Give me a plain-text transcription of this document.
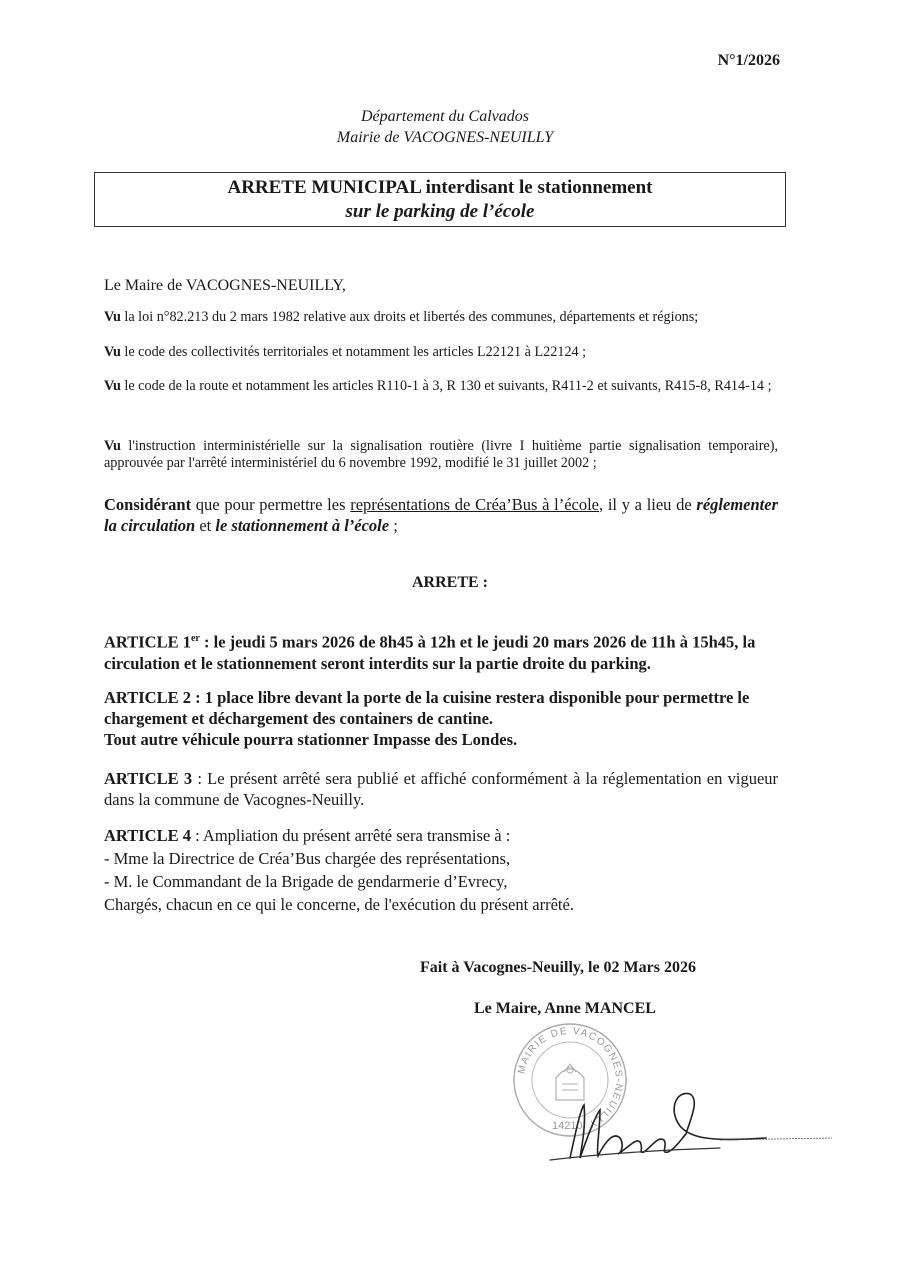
N°1/2026
Département du Calvados
Mairie de VACOGNES-NEUILLY
ARRETE MUNICIPAL interdisant le stationnement
sur le parking de l’école
Le Maire de VACOGNES-NEUILLY,
Vu la loi n°82.213 du 2 mars 1982 relative aux droits et libertés des communes, départements et régions;
Vu le code des collectivités territoriales et notamment les articles L22121 à L22124 ;
Vu le code de la route et notamment les articles R110-1 à 3, R 130 et suivants, R411-2 et suivants, R415-8, R414-14 ;
Vu l'instruction interministérielle sur la signalisation routière (livre I huitième partie signalisation temporaire), approuvée par l'arrêté interministériel du 6 novembre 1992, modifié le 31 juillet 2002 ;
Considérant que pour permettre les représentations de Créa’Bus à l’école, il y a lieu de réglementer la circulation et le stationnement à l’école ;
ARRETE :
ARTICLE 1er : le jeudi 5 mars 2026 de 8h45 à 12h et le jeudi 20 mars 2026 de 11h à 15h45, la circulation et le stationnement seront interdits sur la partie droite du parking.
ARTICLE 2 : 1 place libre devant la porte de la cuisine restera disponible pour permettre le chargement et déchargement des containers de cantine.
Tout autre véhicule pourra stationner Impasse des Londes.
ARTICLE 3 : Le présent arrêté sera publié et affiché conformément à la réglementation en vigueur dans la commune de Vacognes-Neuilly.
ARTICLE 4 : Ampliation du présent arrêté sera transmise à :
- Mme la Directrice de Créa’Bus chargée des représentations,
- M. le Commandant de la Brigade de gendarmerie d’Evrecy,
Chargés, chacun en ce qui le concerne, de l'exécution du présent arrêté.
Fait à Vacognes-Neuilly, le 02 Mars 2026
Le Maire, Anne MANCEL
MAIRIE DE VACOGNES-NEUILLY
14210
